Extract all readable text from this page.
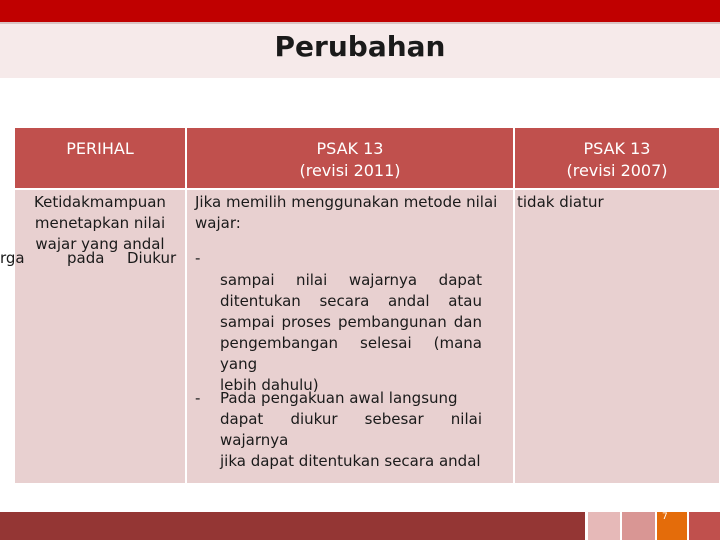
Perubahan
PERIHAL	PSAK 13
(revisi 2011)
PSAK 13
(revisi 2007)
Ketidakmampuan
menetapkan nilai
wajar yang andal
rga	pada Diukur
Jika memilih menggunakan metode nilai
wajar:
-
sampai nilai wajarnya dapat
ditentukan secara andal atau
sampai proses pembangunan dan
pengembangan selesai (mana yang
lebih dahulu)
- Pada pengakuan awal langsung
dapat diukur sebesar nilai wajarnya
jika dapat ditentukan secara andal
tidak diatur
7
